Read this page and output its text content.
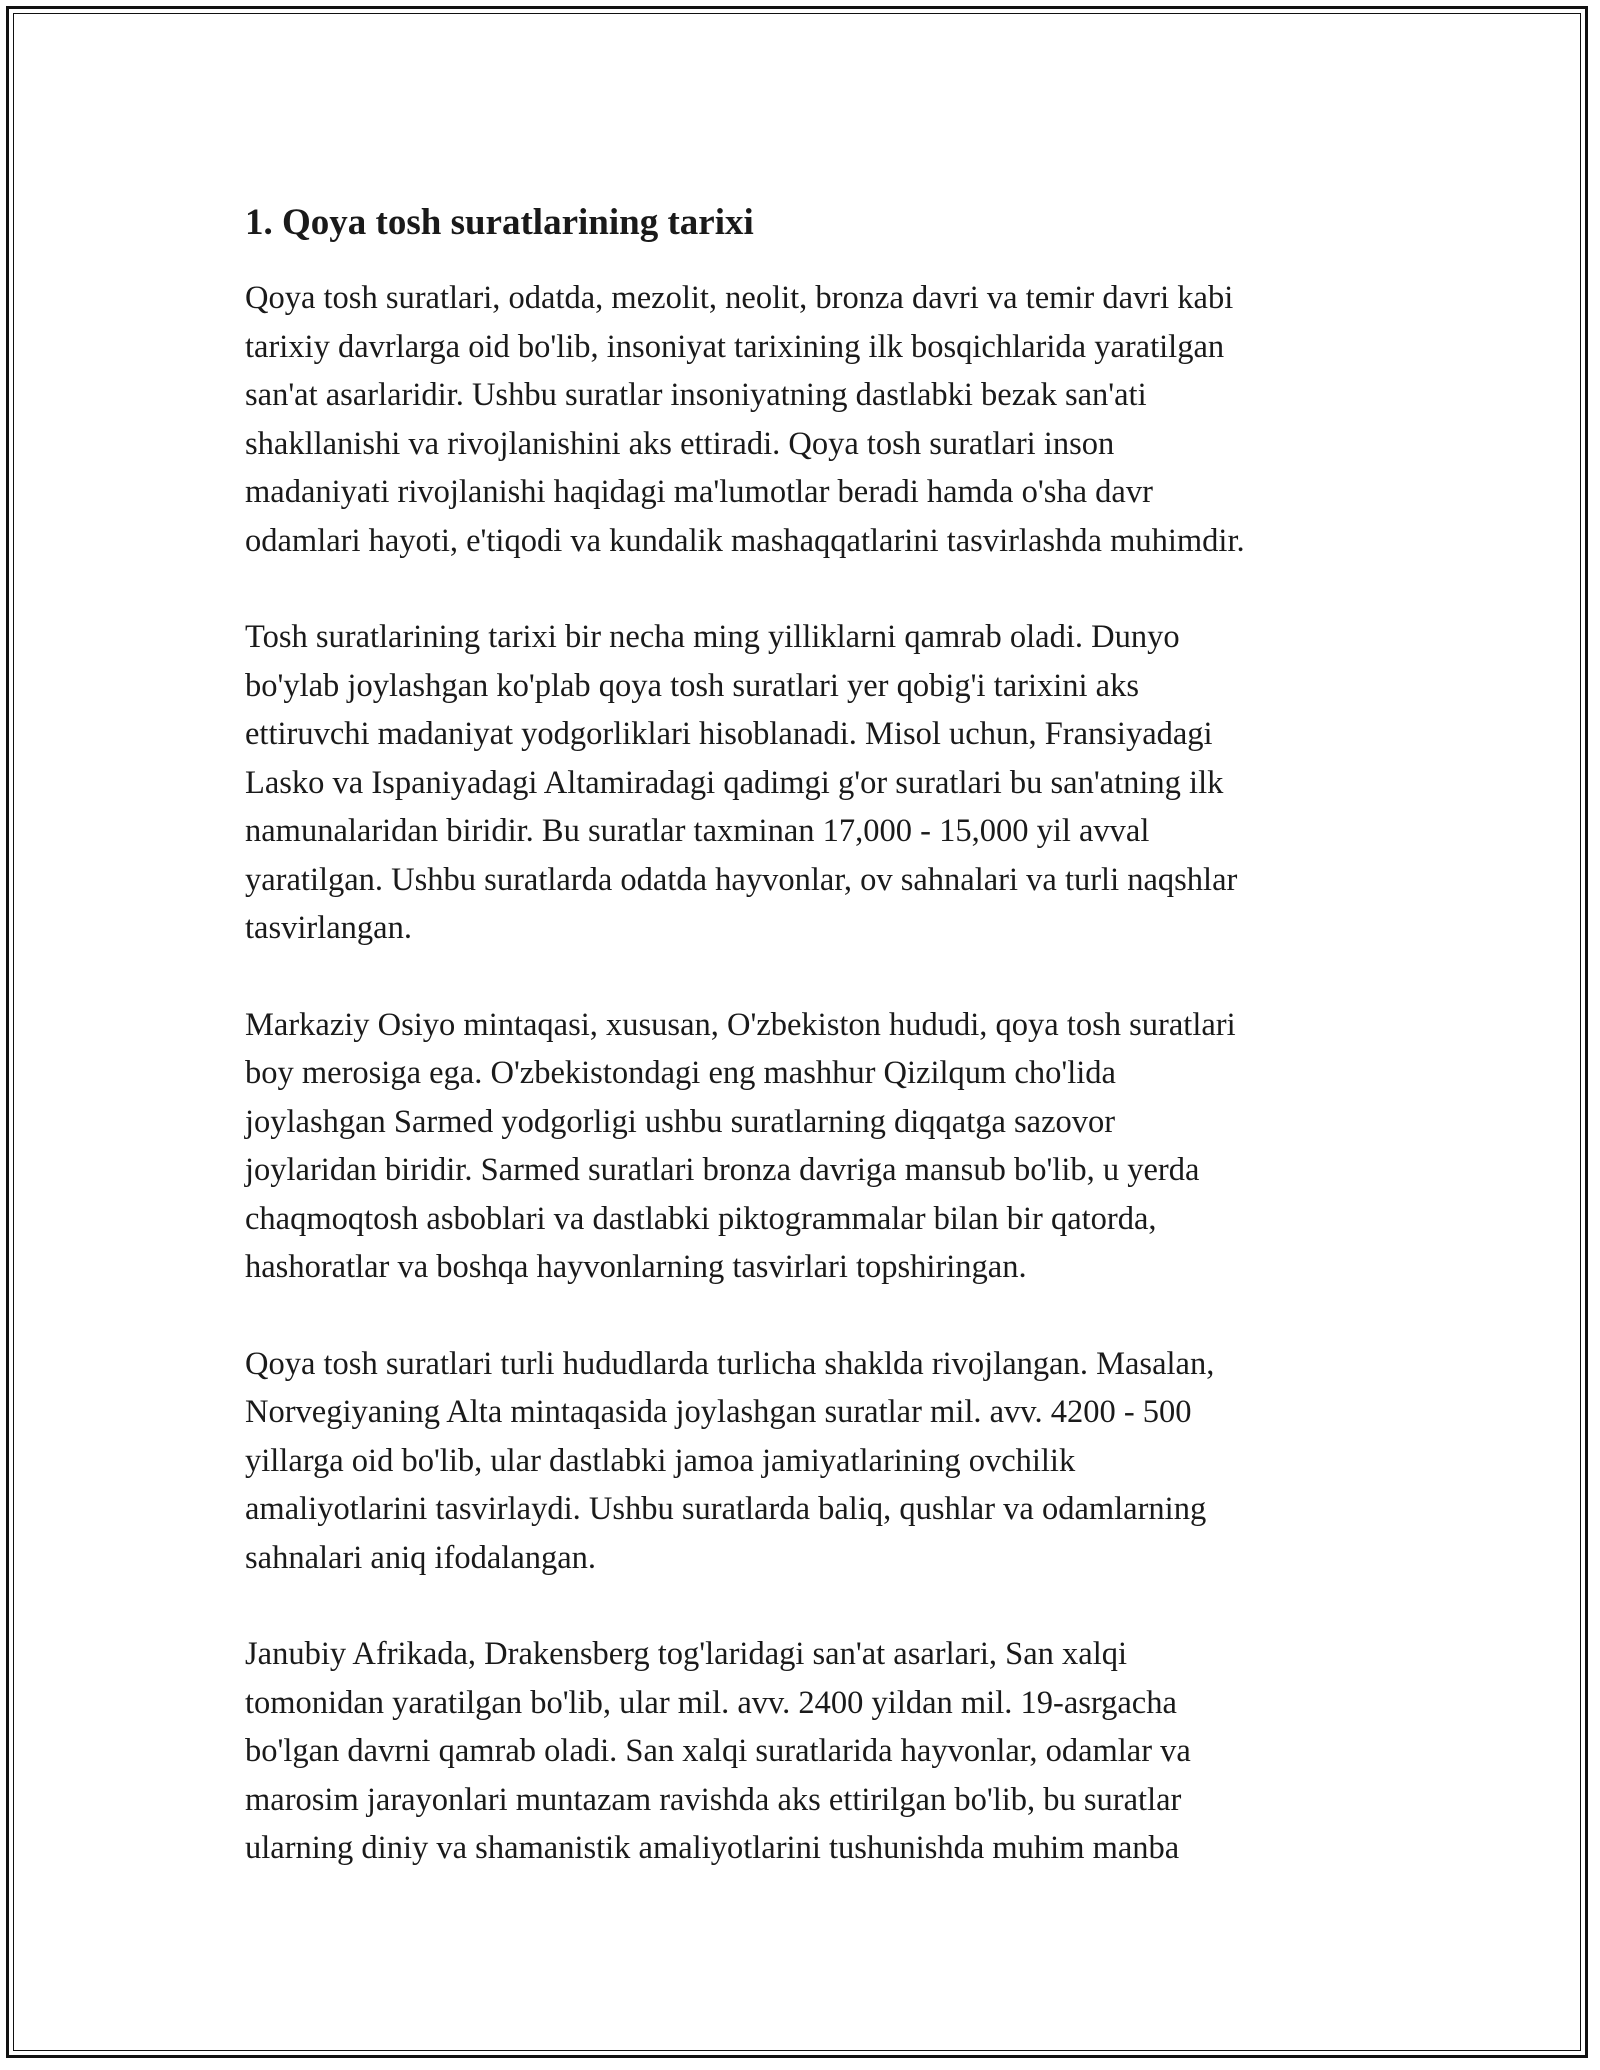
1. Qoya tosh suratlarining tarixi

Qoya tosh suratlari, odatda, mezolit, neolit, bronza davri va temir davri kabi
tarixiy davrlarga oid bo'lib, insoniyat tarixining ilk bosqichlarida yaratilgan
san'at asarlaridir. Ushbu suratlar insoniyatning dastlabki bezak san'ati
shakllanishi va rivojlanishini aks ettiradi. Qoya tosh suratlari inson
madaniyati rivojlanishi haqidagi ma'lumotlar beradi hamda o'sha davr
odamlari hayoti, e'tiqodi va kundalik mashaqqatlarini tasvirlashda muhimdir.

Tosh suratlarining tarixi bir necha ming yilliklarni qamrab oladi. Dunyo
bo'ylab joylashgan ko'plab qoya tosh suratlari yer qobig'i tarixini aks
ettiruvchi madaniyat yodgorliklari hisoblanadi. Misol uchun, Fransiyadagi
Lasko va Ispaniyadagi Altamiradagi qadimgi g'or suratlari bu san'atning ilk
namunalaridan biridir. Bu suratlar taxminan 17,000 - 15,000 yil avval
yaratilgan. Ushbu suratlarda odatda hayvonlar, ov sahnalari va turli naqshlar
tasvirlangan.

Markaziy Osiyo mintaqasi, xususan, O'zbekiston hududi, qoya tosh suratlari
boy merosiga ega. O'zbekistondagi eng mashhur Qizilqum cho'lida
joylashgan Sarmed yodgorligi ushbu suratlarning diqqatga sazovor
joylaridan biridir. Sarmed suratlari bronza davriga mansub bo'lib, u yerda
chaqmoqtosh asboblari va dastlabki piktogrammalar bilan bir qatorda,
hashoratlar va boshqa hayvonlarning tasvirlari topshiringan.

Qoya tosh suratlari turli hududlarda turlicha shaklda rivojlangan. Masalan,
Norvegiyaning Alta mintaqasida joylashgan suratlar mil. avv. 4200 - 500
yillarga oid bo'lib, ular dastlabki jamoa jamiyatlarining ovchilik
amaliyotlarini tasvirlaydi. Ushbu suratlarda baliq, qushlar va odamlarning
sahnalari aniq ifodalangan.

Janubiy Afrikada, Drakensberg tog'laridagi san'at asarlari, San xalqi
tomonidan yaratilgan bo'lib, ular mil. avv. 2400 yildan mil. 19-asrgacha
bo'lgan davrni qamrab oladi. San xalqi suratlarida hayvonlar, odamlar va
marosim jarayonlari muntazam ravishda aks ettirilgan bo'lib, bu suratlar
ularning diniy va shamanistik amaliyotlarini tushunishda muhim manba
